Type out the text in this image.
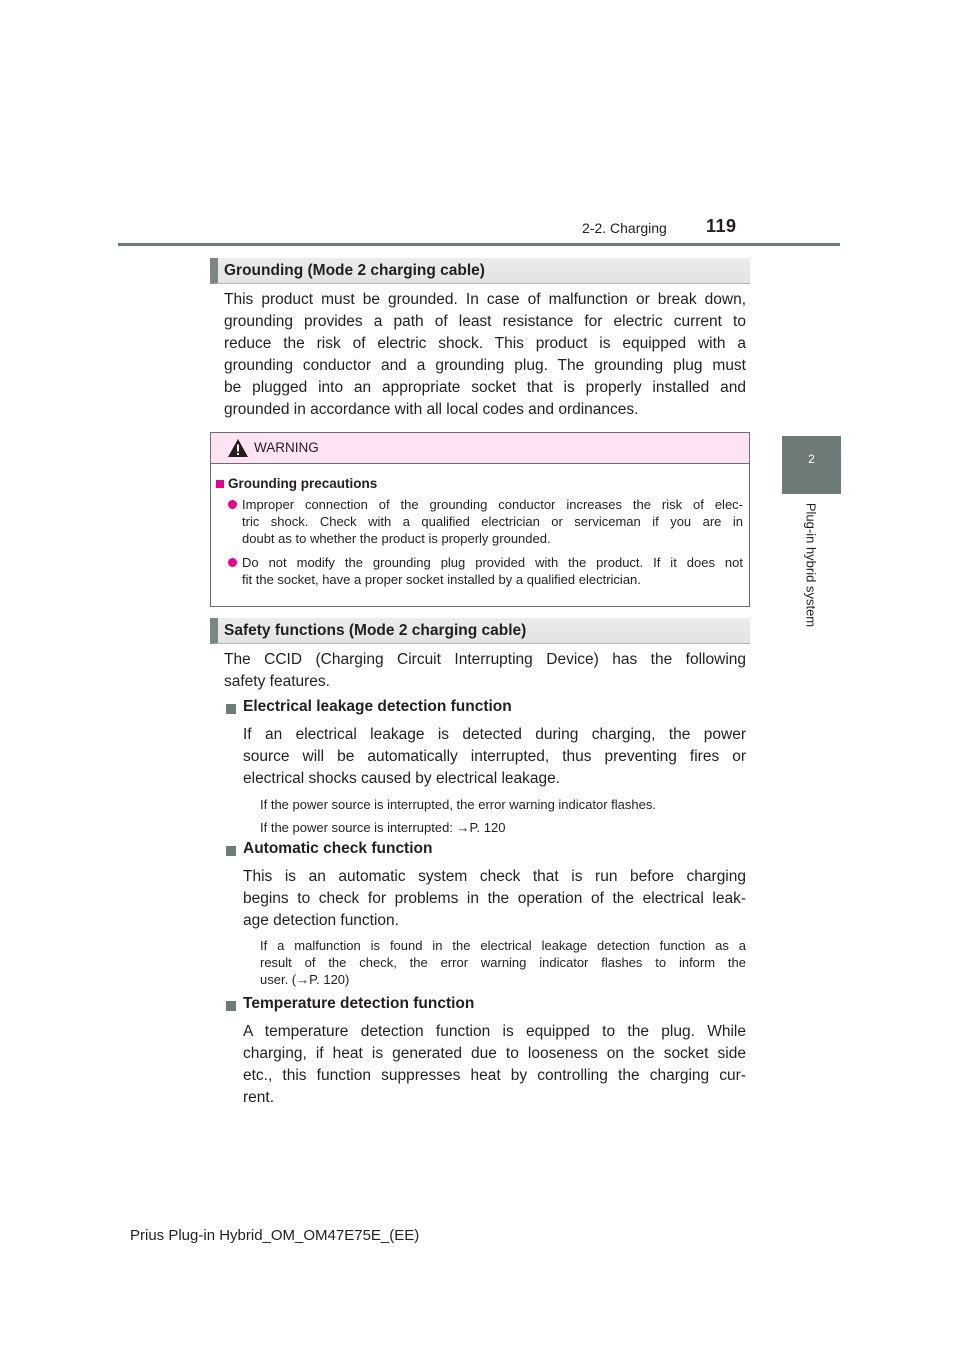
2-2. Charging 119
2
Plug-in hybrid system
Grounding (Mode 2 charging cable)
This product must be grounded. In case of malfunction or break down,
grounding provides a path of least resistance for electric current to
reduce the risk of electric shock. This product is equipped with a
grounding conductor and a grounding plug. The grounding plug must
be plugged into an appropriate socket that is properly installed and
grounded in accordance with all local codes and ordinances.
WARNING
Grounding precautions
Improper connection of the grounding conductor increases the risk of elec-
tric shock. Check with a qualified electrician or serviceman if you are in
doubt as to whether the product is properly grounded.
Do not modify the grounding plug provided with the product. If it does not
fit the socket, have a proper socket installed by a qualified electrician.
Safety functions (Mode 2 charging cable)
The CCID (Charging Circuit Interrupting Device) has the following
safety features.
Electrical leakage detection function
If an electrical leakage is detected during charging, the power
source will be automatically interrupted, thus preventing fires or
electrical shocks caused by electrical leakage.
If the power source is interrupted, the error warning indicator flashes.
If the power source is interrupted: →P. 120
Automatic check function
This is an automatic system check that is run before charging
begins to check for problems in the operation of the electrical leak-
age detection function.
If a malfunction is found in the electrical leakage detection function as a
result of the check, the error warning indicator flashes to inform the
user. (→P. 120)
Temperature detection function
A temperature detection function is equipped to the plug. While
charging, if heat is generated due to looseness on the socket side
etc., this function suppresses heat by controlling the charging cur-
rent.
Prius Plug-in Hybrid_OM_OM47E75E_(EE)
